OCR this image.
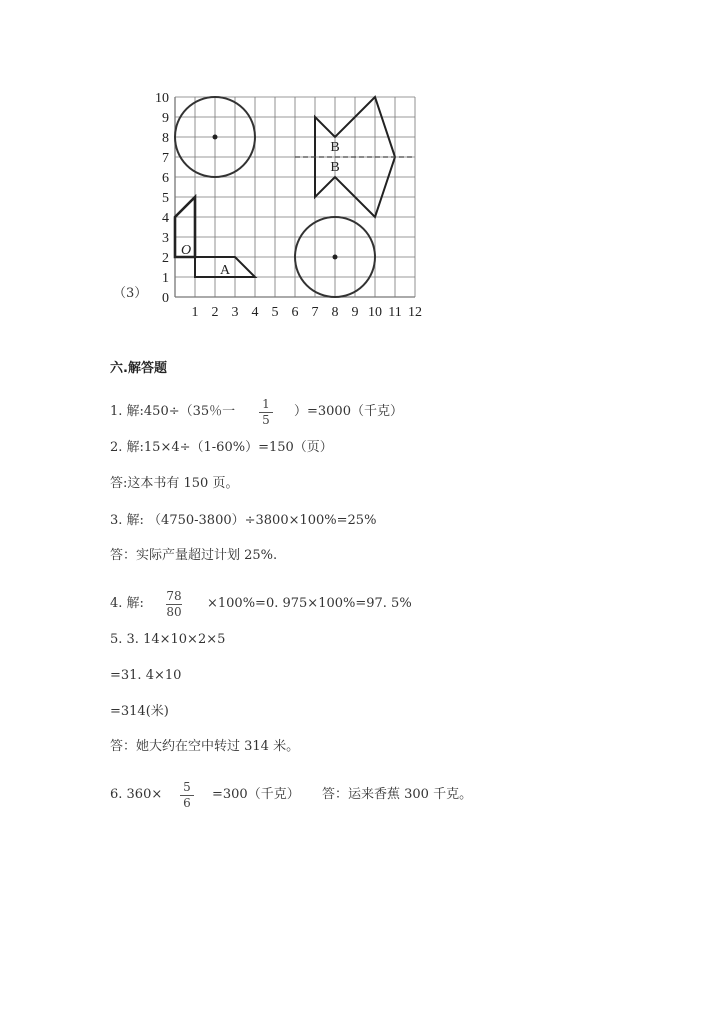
（3）
1 2 3 4 5 6 7 8 9 10 11 12
0
1
2
3
4
5
6
7
8
9
10
O
A
B
B
六.解答题
1. 解:450÷（35％一 1
5
）=3000（千克）
2. 解:15×4÷（1-60%）=150（页）
答:这本书有 150 页。
3. 解: （4750-3800）÷3800×100%=25%
答：实际产量超过计划 25%.
4. 解: 78
80
×100%=0. 975×100%=97. 5%
5. 3. 14×10×2×5
=31. 4×10
=314(米)
答：她大约在空中转过 314 米。
6. 360× 5
6
=300（千克） 答：运来香蕉 300 千克。
